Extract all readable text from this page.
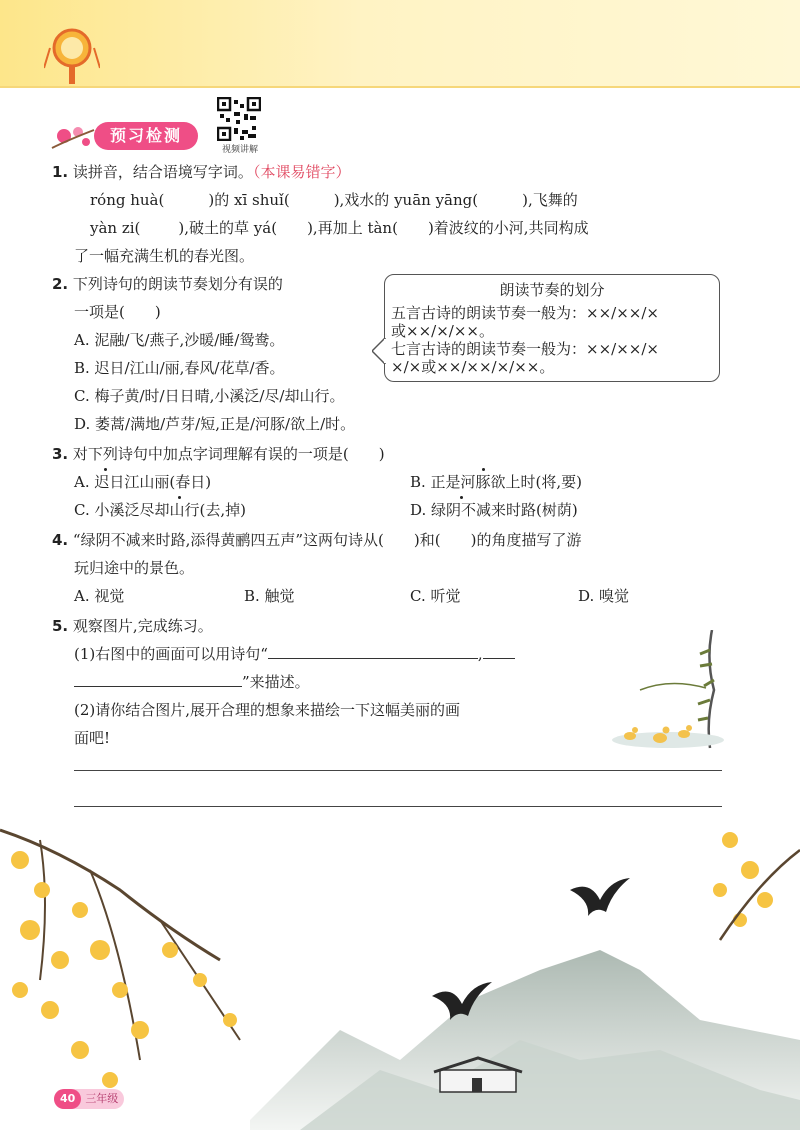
预习检测
视频讲解
1. 读拼音，结合语境写字词。（本课易错字）
róng huà(	)的 xī shuǐ(	),戏水的 yuān yāng(	),飞舞的
yàn zi(	),破土的草 yá( ),再加上 tàn( )着波纹的小河,共同构成
了一幅充满生机的春光图。
2. 下列诗句的朗读节奏划分有误的
一项是( )
A. 泥融/飞/燕子,沙暖/睡/鸳鸯。
B. 迟日/江山/丽,春风/花草/香。
C. 梅子黄/时/日日晴,小溪泛/尽/却山行。
D. 萎蒿/满地/芦芽/短,正是/河豚/欲上/时。
朗读节奏的划分
五言古诗的朗读节奏一般为：××/××/×
或××/×/××。
七言古诗的朗读节奏一般为：××/××/×
×/×或××/××/×/××。
3. 对下列诗句中加点字词理解有误的一项是( )
A. 迟日江山丽(春日)	B. 正是河豚欲上时(将,要)
C. 小溪泛尽却山行(去,掉)	D. 绿阴不减来时路(树荫)
4. “绿阴不减来时路,添得黄鹂四五声”这两句诗从( )和( )的角度描写了游
玩归途中的景色。
A. 视觉	B. 触觉	C. 听觉	D. 嗅觉
5. 观察图片,完成练习。
(1)右图中的画面可以用诗句“	,
”来描述。
(2)请你结合图片,展开合理的想象来描绘一下这幅美丽的画
面吧!
40 三年级
